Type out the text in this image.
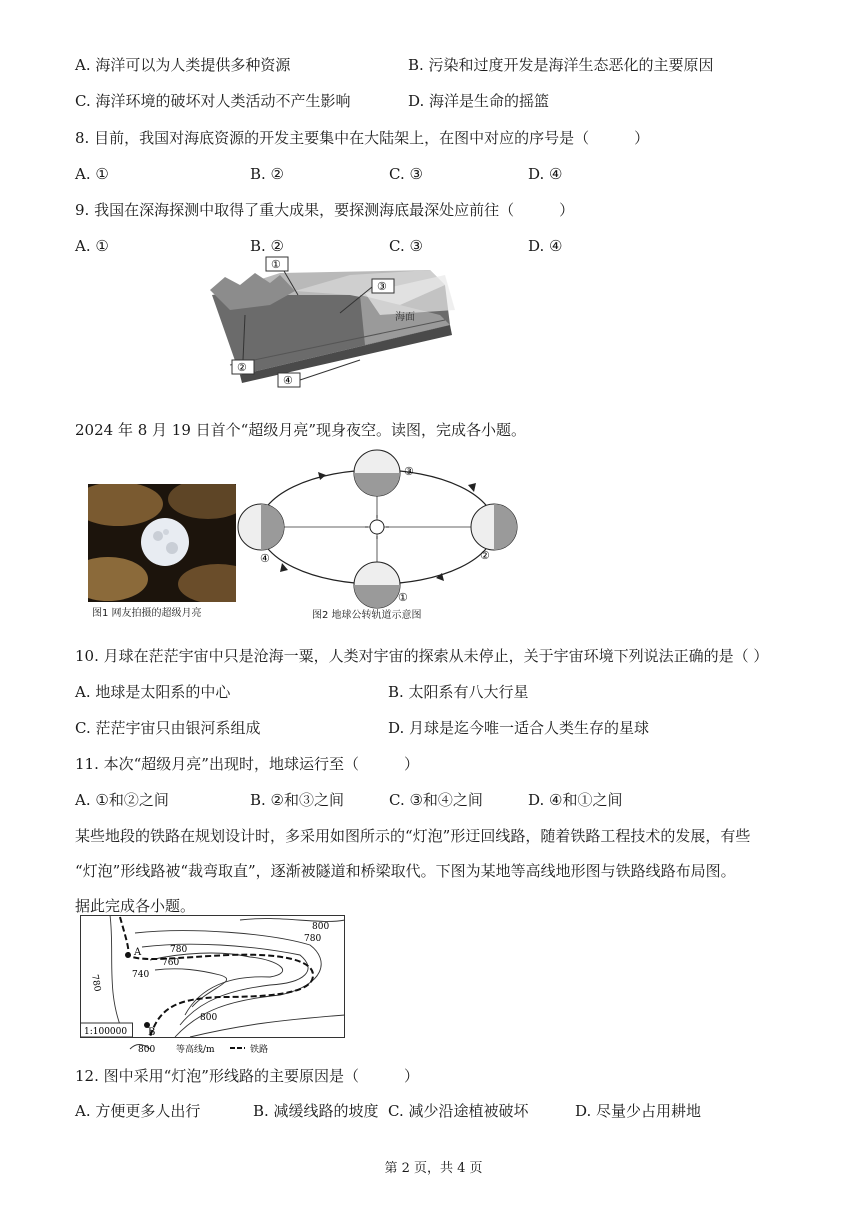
A. 海洋可以为人类提供多种资源	B. 污染和过度开发是海洋生态恶化的主要原因
C. 海洋环境的破坏对人类活动不产生影响	D. 海洋是生命的摇篮
8. 目前，我国对海底资源的开发主要集中在大陆架上，在图中对应的序号是（　　　）
A. ①	B. ②	C. ③	D. ④
9. 我国在深海探测中取得了重大成果，要探测海底最深处应前往（　　　）
A. ①	B. ②	C. ③	D. ④
海面
①
②
③
④
2024 年 8 月 19 日首个“超级月亮”现身夜空。读图，完成各小题。
图1 网友拍摄的超级月亮
③
②
④
①
图2 地球公转轨道示意图
10. 月球在茫茫宇宙中只是沧海一粟，人类对宇宙的探索从未停止，关于宇宙环境下列说法正确的是（ ）
A. 地球是太阳系的中心	B. 太阳系有八大行星
C. 茫茫宇宙只由银河系组成	D. 月球是迄今唯一适合人类生存的星球
11. 本次“超级月亮”出现时，地球运行至（　　　）
A. ①和②之间	B. ②和③之间	C. ③和④之间	D. ④和①之间
某些地段的铁路在规划设计时，多采用如图所示的“灯泡”形迂回线路，随着铁路工程技术的发展，有些
“灯泡”形线路被“裁弯取直”，逐渐被隧道和桥梁取代。下图为某地等高线地形图与铁路线路布局图。
据此完成各小题。
A
B
800
780
780
760
740
780
800
1:100000
800 等高线/m	铁路
12. 图中采用“灯泡”形线路的主要原因是（　　　）
A. 方便更多人出行	B. 减缓线路的坡度 C. 减少沿途植被破坏	D. 尽量少占用耕地
第 2 页，共 4 页
